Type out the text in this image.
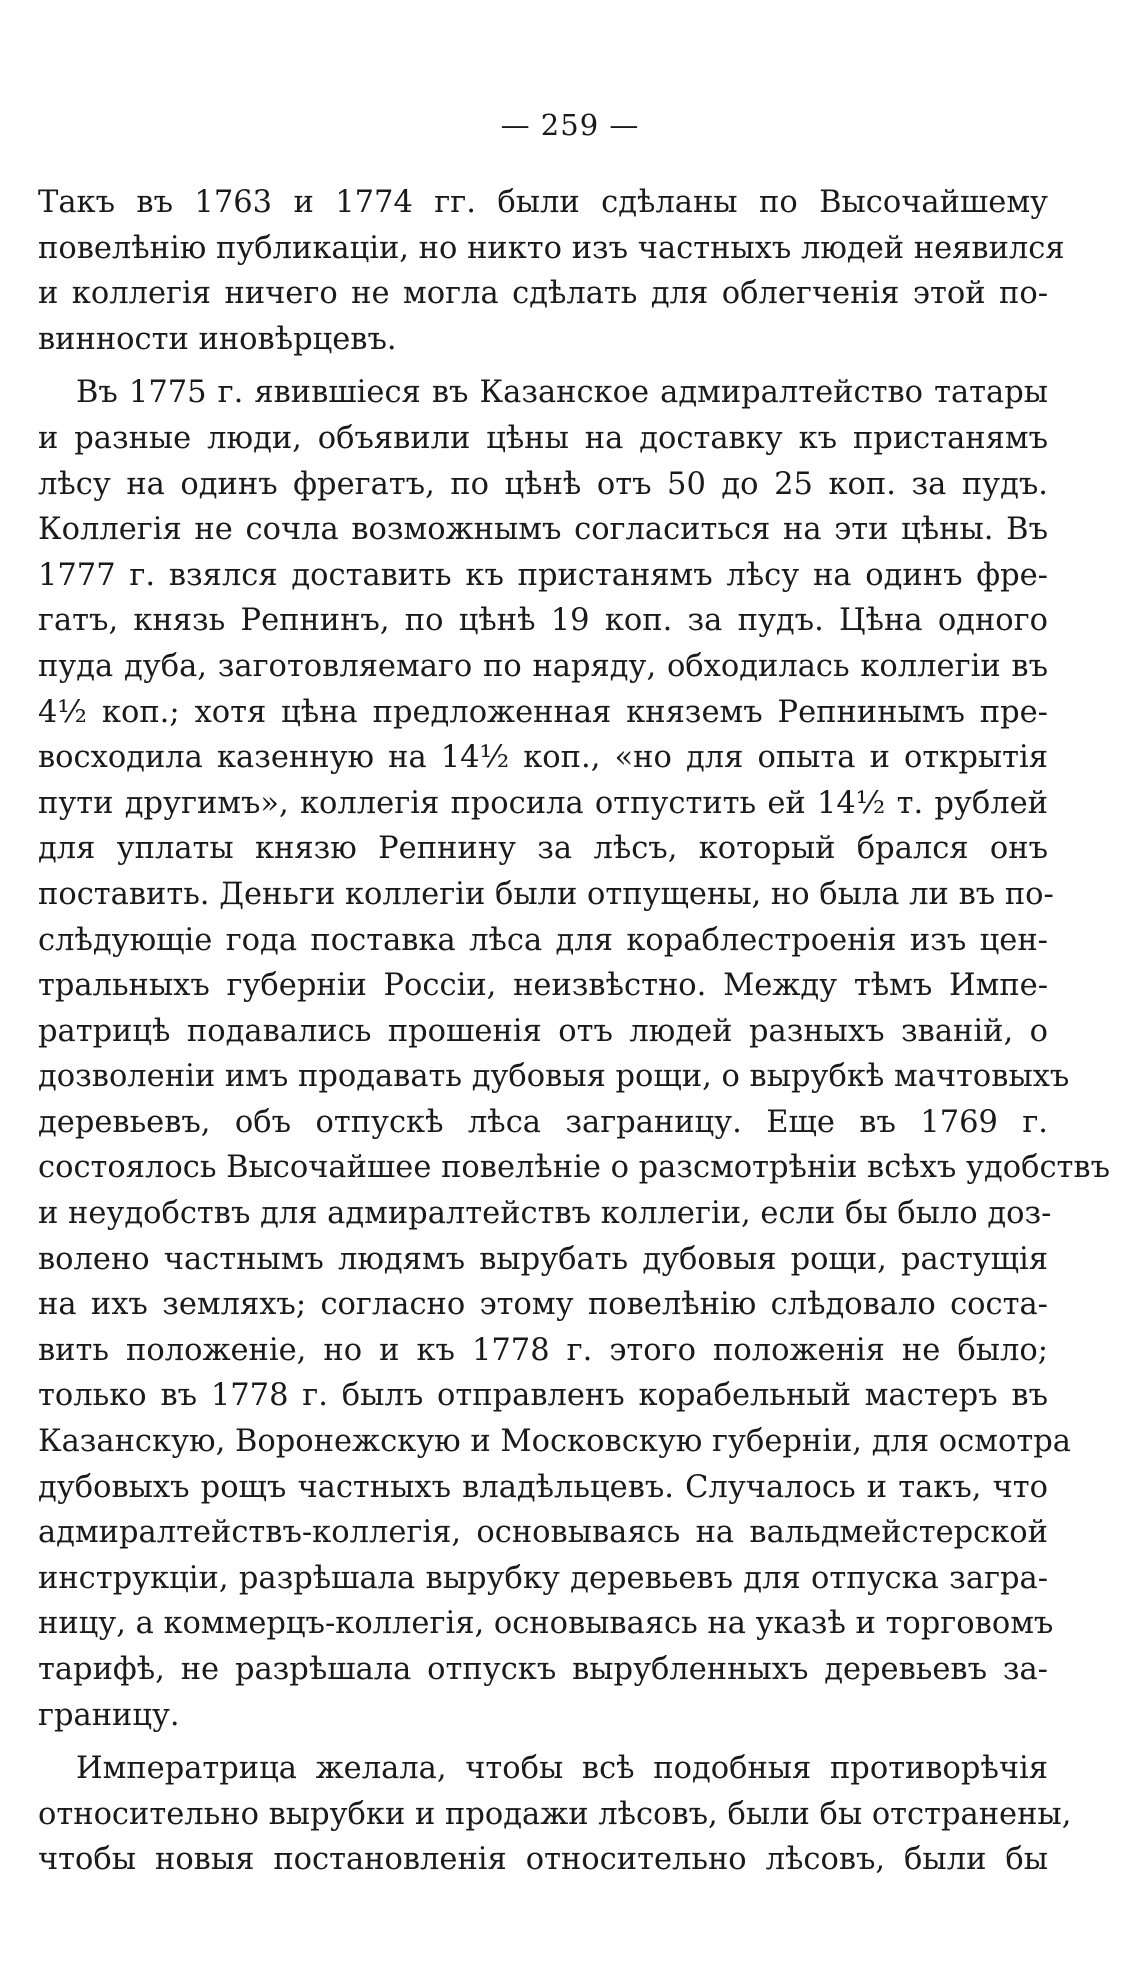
— 259 —
Такъ въ 1763 и 1774 гг. были сдѣланы по Высочайшему
повелѣнію публикаціи, но никто изъ частныхъ людей неявился
и коллегія ничего не могла сдѣлать для облегченія этой по-
винности иновѣрцевъ.
Въ 1775 г. явившіеся въ Казанское адмиралтейство татары
и разные люди, объявили цѣны на доставку къ пристанямъ
лѣсу на одинъ фрегатъ, по цѣнѣ отъ 50 до 25 коп. за пудъ.
Коллегія не сочла возможнымъ согласиться на эти цѣны. Въ
1777 г. взялся доставить къ пристанямъ лѣсу на одинъ фре-
гатъ, князь Репнинъ, по цѣнѣ 19 коп. за пудъ. Цѣна одного
пуда дуба, заготовляемаго по наряду, обходилась коллегіи въ
4½ коп.; хотя цѣна предложенная княземъ Репнинымъ пре-
восходила казенную на 14½ коп., «но для опыта и открытія
пути другимъ», коллегія просила отпустить ей 14½ т. рублей
для уплаты князю Репнину за лѣсъ, который брался онъ
поставить. Деньги коллегіи были отпущены, но была ли въ по-
слѣдующіе года поставка лѣса для кораблестроенія изъ цен-
тральныхъ губерніи Россіи, неизвѣстно. Между тѣмъ Импе-
ратрицѣ подавались прошенія отъ людей разныхъ званій, о
дозволеніи имъ продавать дубовыя рощи, о вырубкѣ мачтовыхъ
деревьевъ, объ отпускѣ лѣса заграницу. Еще въ 1769 г.
состоялось Высочайшее повелѣніе о разсмотрѣніи всѣхъ удобствъ
и неудобствъ для адмиралтействъ коллегіи, если бы было доз-
волено частнымъ людямъ вырубать дубовыя рощи, растущія
на ихъ земляхъ; согласно этому повелѣнію слѣдовало соста-
вить положеніе, но и къ 1778 г. этого положенія не было;
только въ 1778 г. былъ отправленъ корабельный мастеръ въ
Казанскую, Воронежскую и Московскую губерніи, для осмотра
дубовыхъ рощъ частныхъ владѣльцевъ. Случалось и такъ, что
адмиралтействъ-коллегія, основываясь на вальдмейстерской
инструкціи, разрѣшала вырубку деревьевъ для отпуска загра-
ницу, а коммерцъ-коллегія, основываясь на указѣ и торговомъ
тарифѣ, не разрѣшала отпускъ вырубленныхъ деревьевъ за-
границу.
Императрица желала, чтобы всѣ подобныя противорѣчія
относительно вырубки и продажи лѣсовъ, были бы отстранены,
чтобы новыя постановленія относительно лѣсовъ, были бы
